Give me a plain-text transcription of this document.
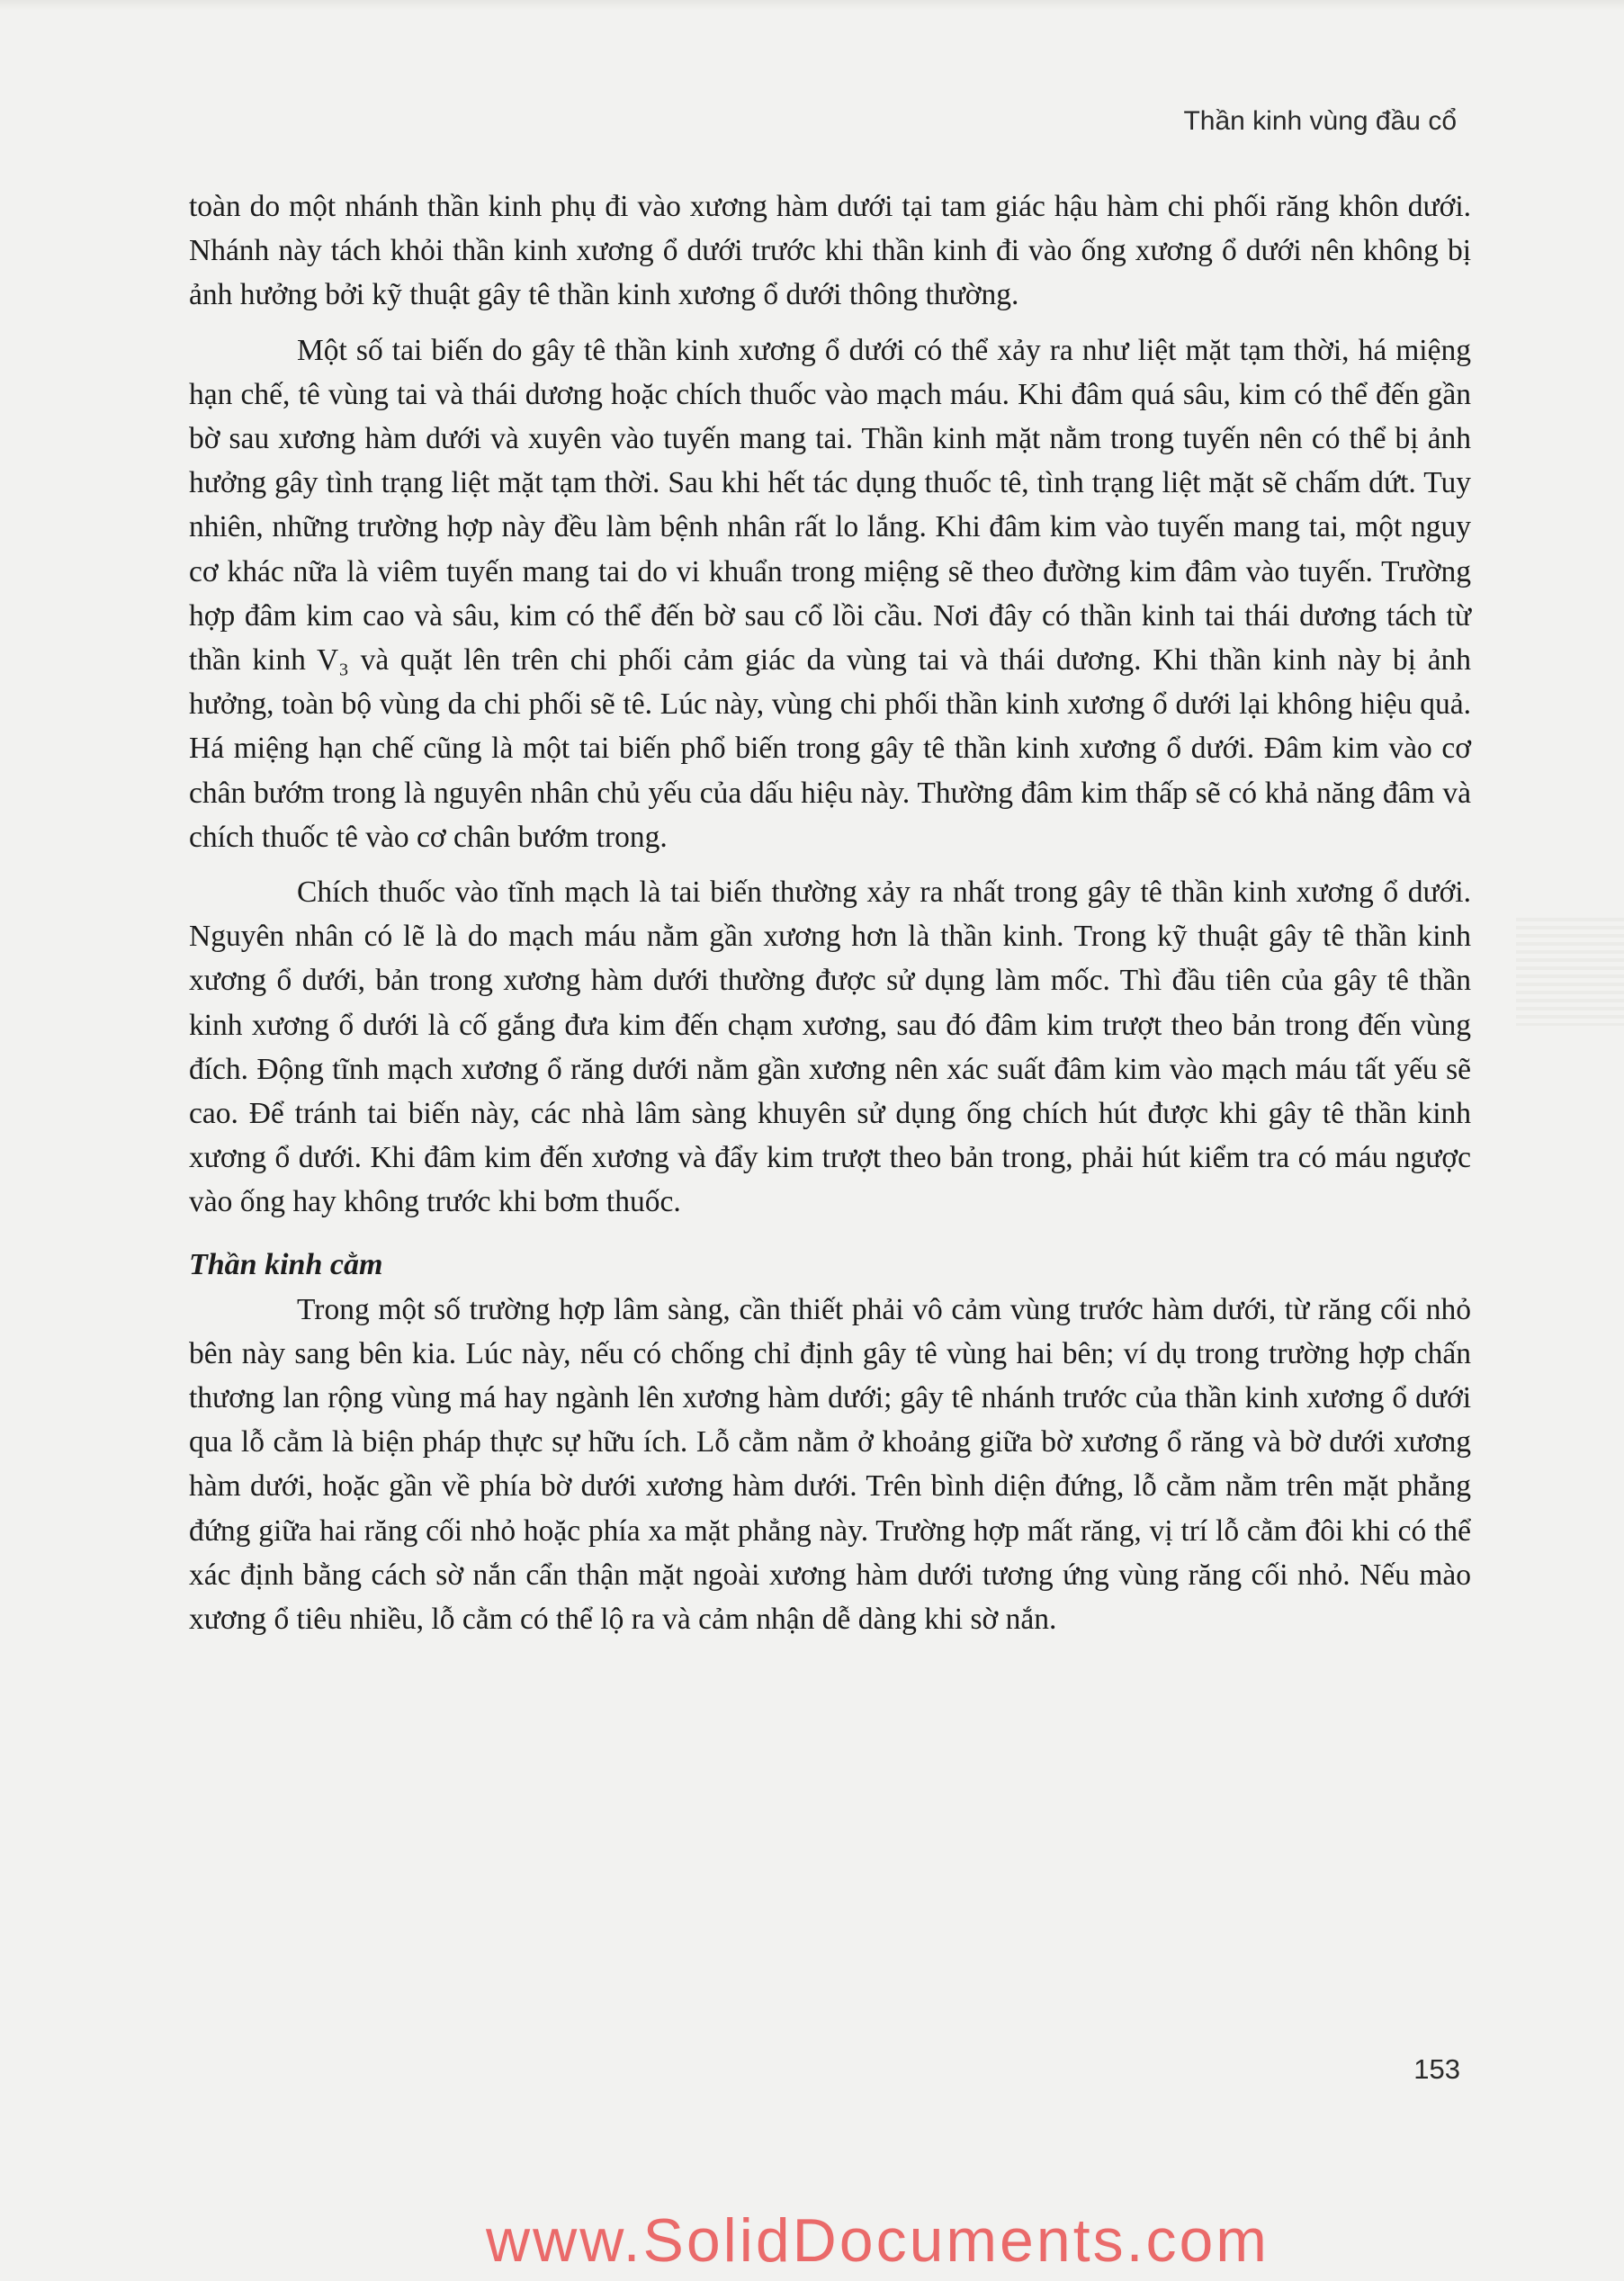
Thần kinh vùng đầu cổ

toàn do một nhánh thần kinh phụ đi vào xương hàm dưới tại tam giác hậu hàm chi phối răng khôn dưới. Nhánh này tách khỏi thần kinh xương ổ dưới trước khi thần kinh đi vào ống xương ổ dưới nên không bị ảnh hưởng bởi kỹ thuật gây tê thần kinh xương ổ dưới thông thường.

Một số tai biến do gây tê thần kinh xương ổ dưới có thể xảy ra như liệt mặt tạm thời, há miệng hạn chế, tê vùng tai và thái dương hoặc chích thuốc vào mạch máu. Khi đâm quá sâu, kim có thể đến gần bờ sau xương hàm dưới và xuyên vào tuyến mang tai. Thần kinh mặt nằm trong tuyến nên có thể bị ảnh hưởng gây tình trạng liệt mặt tạm thời. Sau khi hết tác dụng thuốc tê, tình trạng liệt mặt sẽ chấm dứt. Tuy nhiên, những trường hợp này đều làm bệnh nhân rất lo lắng. Khi đâm kim vào tuyến mang tai, một nguy cơ khác nữa là viêm tuyến mang tai do vi khuẩn trong miệng sẽ theo đường kim đâm vào tuyến. Trường hợp đâm kim cao và sâu, kim có thể đến bờ sau cổ lồi cầu. Nơi đây có thần kinh tai thái dương tách từ thần kinh V₃ và quặt lên trên chi phối cảm giác da vùng tai và thái dương. Khi thần kinh này bị ảnh hưởng, toàn bộ vùng da chi phối sẽ tê. Lúc này, vùng chi phối thần kinh xương ổ dưới lại không hiệu quả. Há miệng hạn chế cũng là một tai biến phổ biến trong gây tê thần kinh xương ổ dưới. Đâm kim vào cơ chân bướm trong là nguyên nhân chủ yếu của dấu hiệu này. Thường đâm kim thấp sẽ có khả năng đâm và chích thuốc tê vào cơ chân bướm trong.

Chích thuốc vào tĩnh mạch là tai biến thường xảy ra nhất trong gây tê thần kinh xương ổ dưới. Nguyên nhân có lẽ là do mạch máu nằm gần xương hơn là thần kinh. Trong kỹ thuật gây tê thần kinh xương ổ dưới, bản trong xương hàm dưới thường được sử dụng làm mốc. Thì đầu tiên của gây tê thần kinh xương ổ dưới là cố gắng đưa kim đến chạm xương, sau đó đâm kim trượt theo bản trong đến vùng đích. Động tĩnh mạch xương ổ răng dưới nằm gần xương nên xác suất đâm kim vào mạch máu tất yếu sẽ cao. Để tránh tai biến này, các nhà lâm sàng khuyên sử dụng ống chích hút được khi gây tê thần kinh xương ổ dưới. Khi đâm kim đến xương và đẩy kim trượt theo bản trong, phải hút kiểm tra có máu ngược vào ống hay không trước khi bơm thuốc.

Thần kinh cằm

Trong một số trường hợp lâm sàng, cần thiết phải vô cảm vùng trước hàm dưới, từ răng cối nhỏ bên này sang bên kia. Lúc này, nếu có chống chỉ định gây tê vùng hai bên; ví dụ trong trường hợp chấn thương lan rộng vùng má hay ngành lên xương hàm dưới; gây tê nhánh trước của thần kinh xương ổ dưới qua lỗ cằm là biện pháp thực sự hữu ích. Lỗ cằm nằm ở khoảng giữa bờ xương ổ răng và bờ dưới xương hàm dưới, hoặc gần về phía bờ dưới xương hàm dưới. Trên bình diện đứng, lỗ cằm nằm trên mặt phẳng đứng giữa hai răng cối nhỏ hoặc phía xa mặt phẳng này. Trường hợp mất răng, vị trí lỗ cằm đôi khi có thể xác định bằng cách sờ nắn cẩn thận mặt ngoài xương hàm dưới tương ứng vùng răng cối nhỏ. Nếu mào xương ổ tiêu nhiều, lỗ cằm có thể lộ ra và cảm nhận dễ dàng khi sờ nắn.

153
www.SolidDocuments.com
